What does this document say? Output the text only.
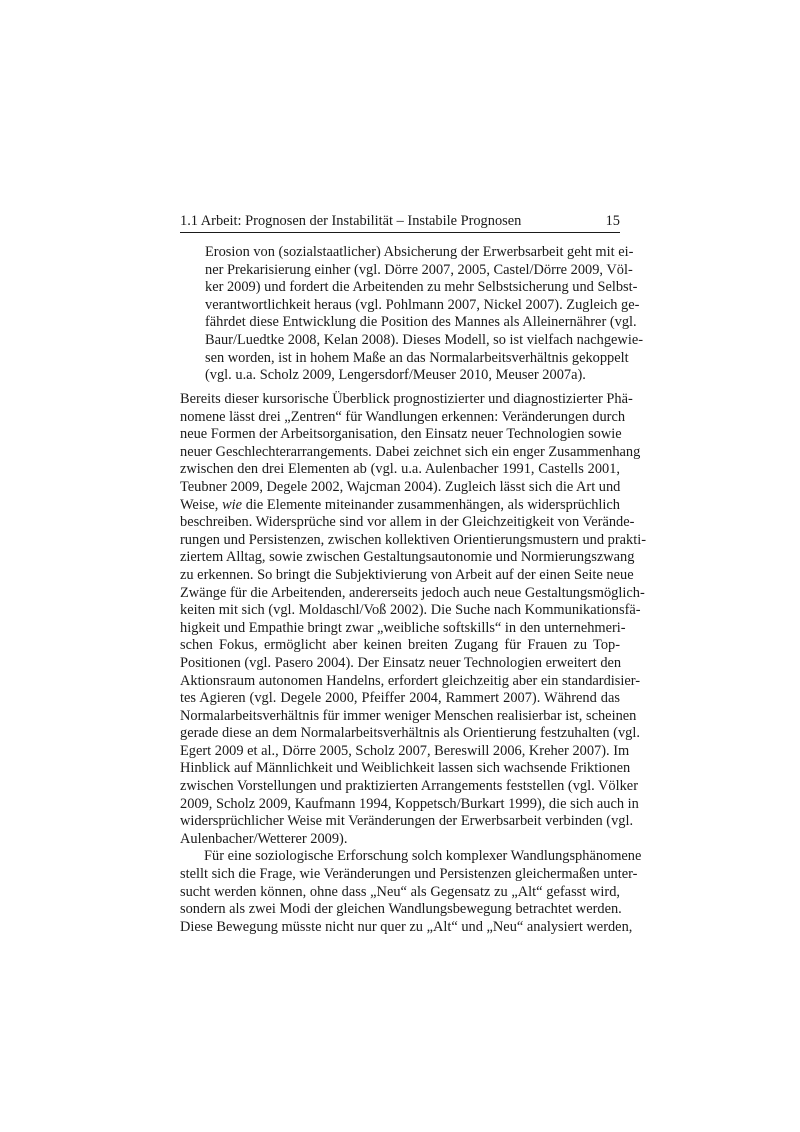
1.1 Arbeit: Prognosen der Instabilität – Instabile Prognosen	15
Erosion von (sozialstaatlicher) Absicherung der Erwerbsarbeit geht mit ei-
ner Prekarisierung einher (vgl. Dörre 2007, 2005, Castel/Dörre 2009, Völ-
ker 2009) und fordert die Arbeitenden zu mehr Selbstsicherung und Selbst-
verantwortlichkeit heraus (vgl. Pohlmann 2007, Nickel 2007). Zugleich ge-
fährdet diese Entwicklung die Position des Mannes als Alleinernährer (vgl.
Baur/Luedtke 2008, Kelan 2008). Dieses Modell, so ist vielfach nachgewie-
sen worden, ist in hohem Maße an das Normalarbeitsverhältnis gekoppelt
(vgl. u.a. Scholz 2009, Lengersdorf/Meuser 2010, Meuser 2007a).
Bereits dieser kursorische Überblick prognostizierter und diagnostizierter Phä-
nomene lässt drei „Zentren“ für Wandlungen erkennen: Veränderungen durch
neue Formen der Arbeitsorganisation, den Einsatz neuer Technologien sowie
neuer Geschlechterarrangements. Dabei zeichnet sich ein enger Zusammenhang
zwischen den drei Elementen ab (vgl. u.a. Aulenbacher 1991, Castells 2001,
Teubner 2009, Degele 2002, Wajcman 2004). Zugleich lässt sich die Art und
Weise, wie die Elemente miteinander zusammenhängen, als widersprüchlich
beschreiben. Widersprüche sind vor allem in der Gleichzeitigkeit von Verände-
rungen und Persistenzen, zwischen kollektiven Orientierungsmustern und prakti-
ziertem Alltag, sowie zwischen Gestaltungsautonomie und Normierungszwang
zu erkennen. So bringt die Subjektivierung von Arbeit auf der einen Seite neue
Zwänge für die Arbeitenden, andererseits jedoch auch neue Gestaltungsmöglich-
keiten mit sich (vgl. Moldaschl/Voß 2002). Die Suche nach Kommunikationsfä-
higkeit und Empathie bringt zwar „weibliche softskills“ in den unternehmeri-
schen Fokus, ermöglicht aber keinen breiten Zugang für Frauen zu Top-
Positionen (vgl. Pasero 2004). Der Einsatz neuer Technologien erweitert den
Aktionsraum autonomen Handelns, erfordert gleichzeitig aber ein standardisier-
tes Agieren (vgl. Degele 2000, Pfeiffer 2004, Rammert 2007). Während das
Normalarbeitsverhältnis für immer weniger Menschen realisierbar ist, scheinen
gerade diese an dem Normalarbeitsverhältnis als Orientierung festzuhalten (vgl.
Egert 2009 et al., Dörre 2005, Scholz 2007, Bereswill 2006, Kreher 2007). Im
Hinblick auf Männlichkeit und Weiblichkeit lassen sich wachsende Friktionen
zwischen Vorstellungen und praktizierten Arrangements feststellen (vgl. Völker
2009, Scholz 2009, Kaufmann 1994, Koppetsch/Burkart 1999), die sich auch in
widersprüchlicher Weise mit Veränderungen der Erwerbsarbeit verbinden (vgl.
Aulenbacher/Wetterer 2009).
Für eine soziologische Erforschung solch komplexer Wandlungsphänomene
stellt sich die Frage, wie Veränderungen und Persistenzen gleichermaßen unter-
sucht werden können, ohne dass „Neu“ als Gegensatz zu „Alt“ gefasst wird,
sondern als zwei Modi der gleichen Wandlungsbewegung betrachtet werden.
Diese Bewegung müsste nicht nur quer zu „Alt“ und „Neu“ analysiert werden,
